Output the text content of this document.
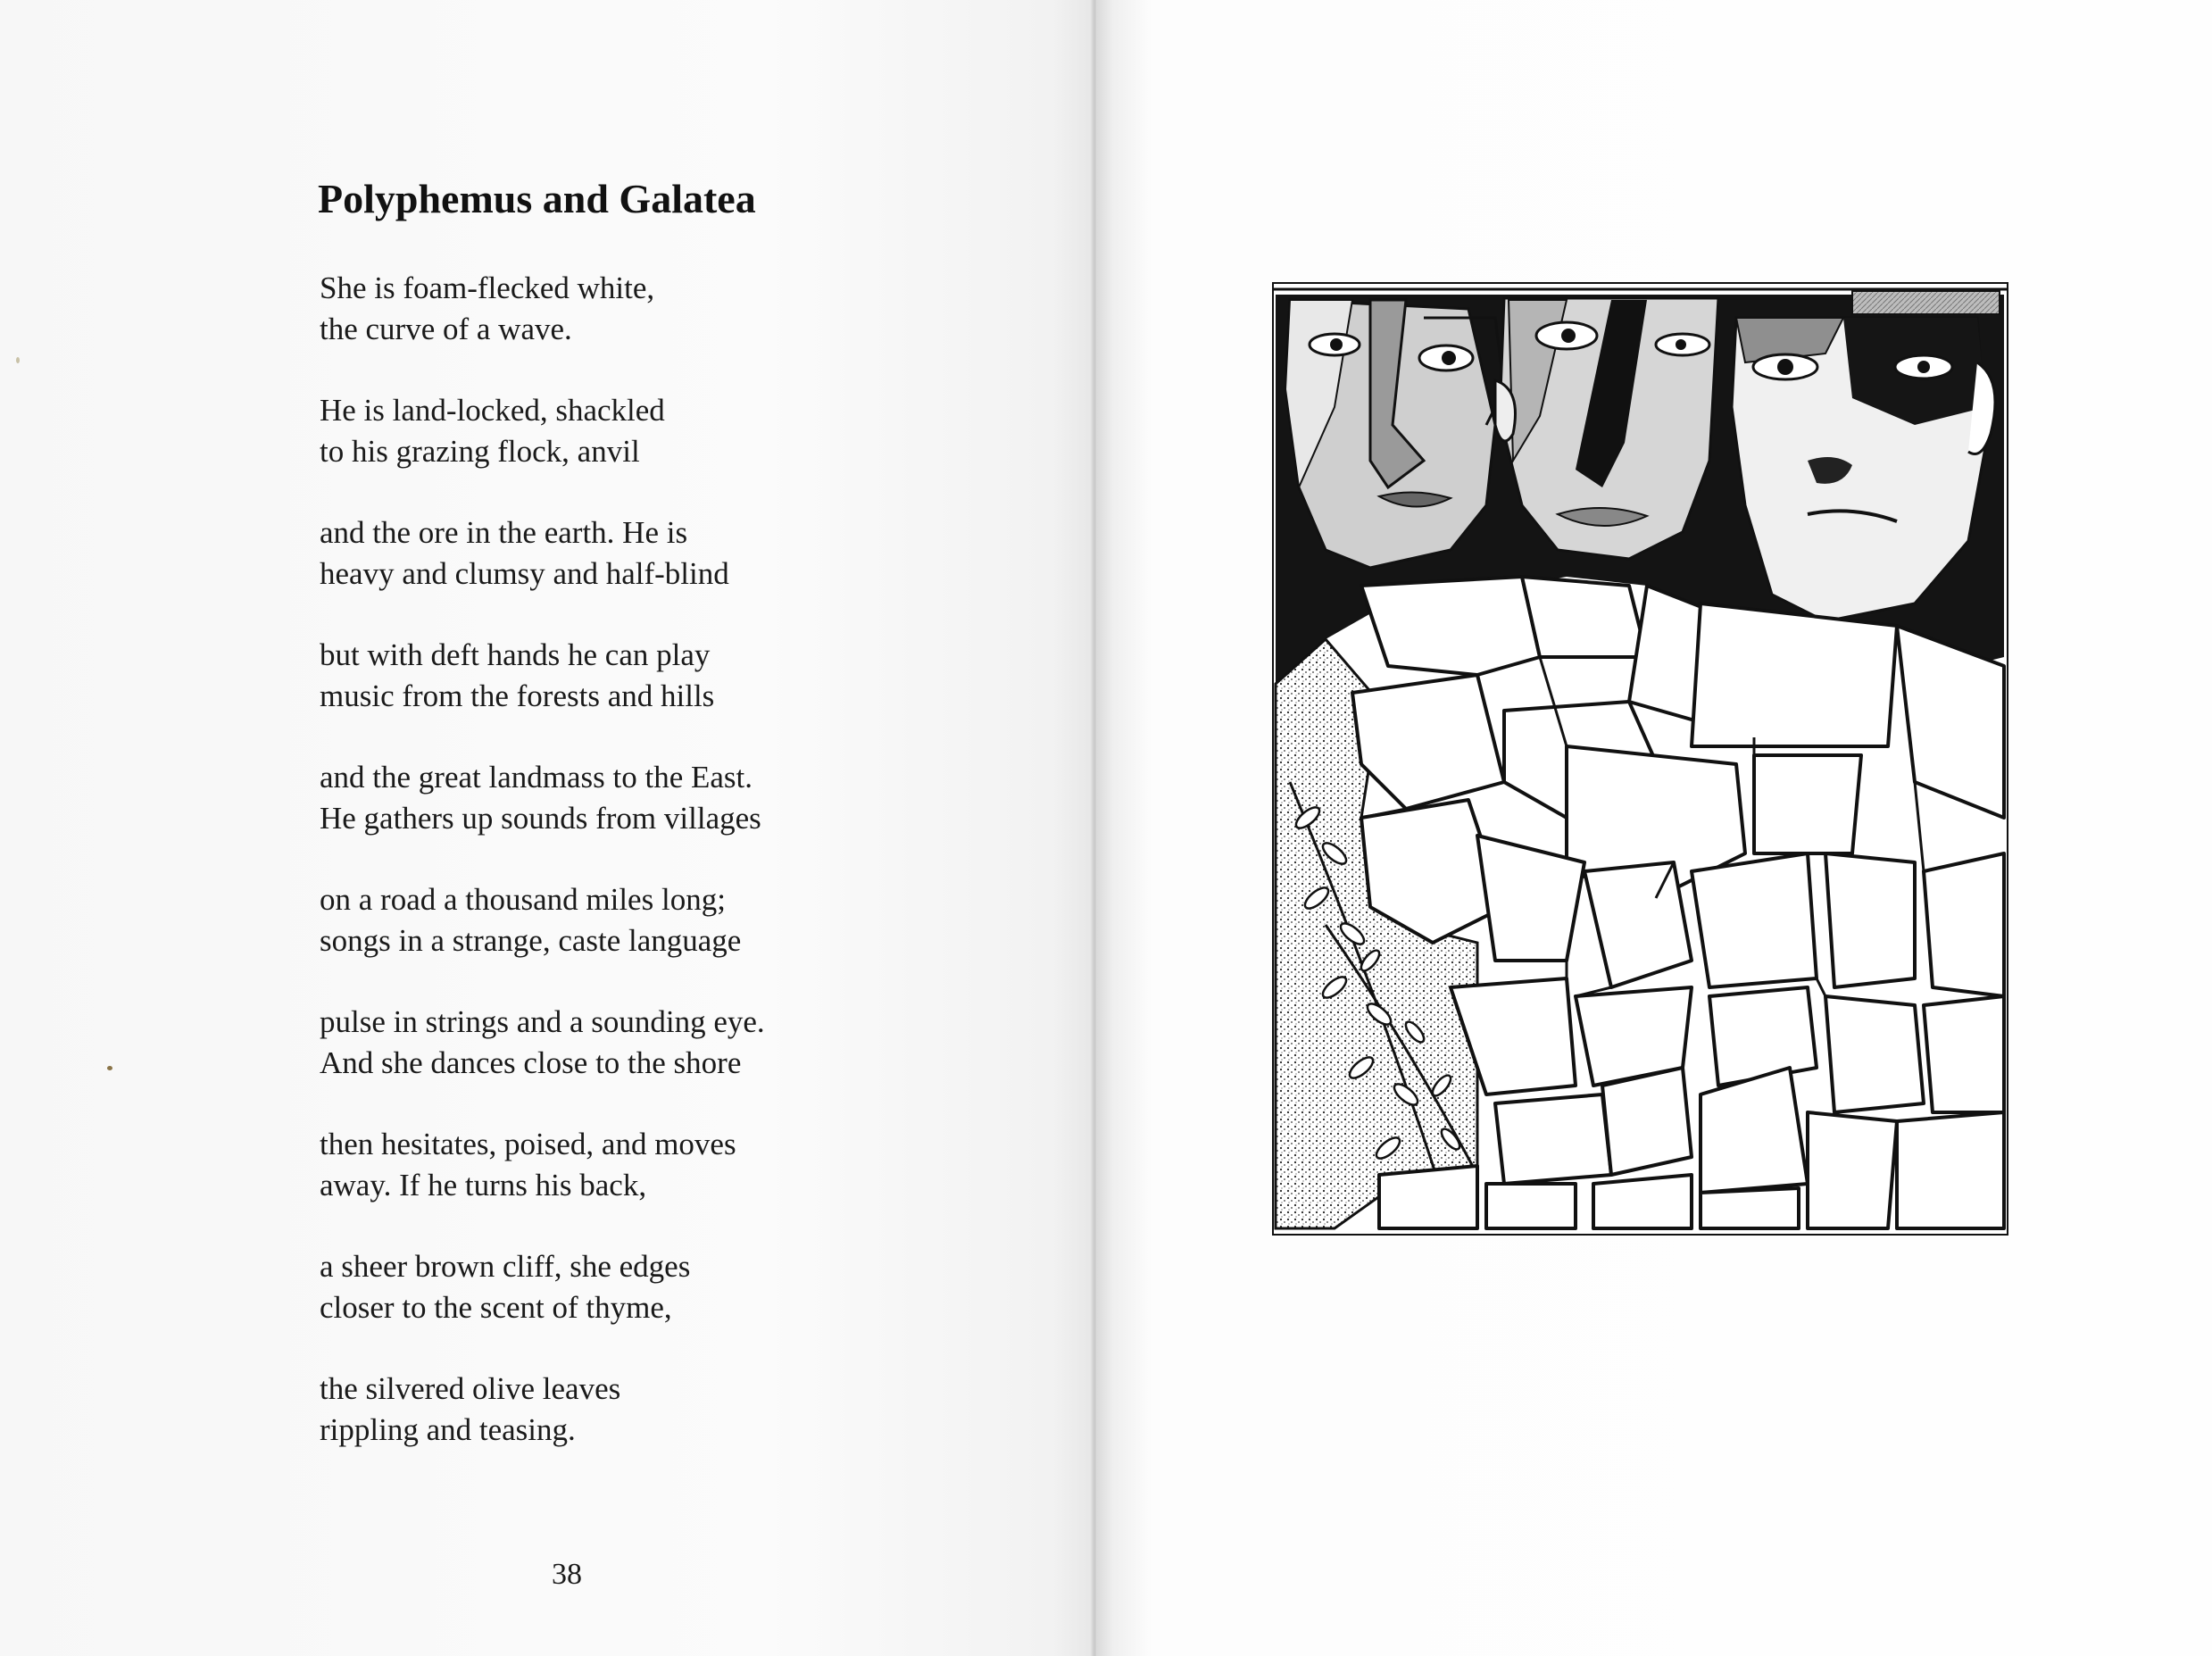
Polyphemus and Galatea
She is foam-flecked white,
the curve of a wave.
He is land-locked, shackled
to his grazing flock, anvil
and the ore in the earth. He is
heavy and clumsy and half-blind
but with deft hands he can play
music from the forests and hills
and the great landmass to the East.
He gathers up sounds from villages
on a road a thousand miles long;
songs in a strange, caste language
pulse in strings and a sounding eye.
And she dances close to the shore
then hesitates, poised, and moves
away. If he turns his back,
a sheer brown cliff, she edges
closer to the scent of thyme,
the silvered olive leaves
rippling and teasing.
38
